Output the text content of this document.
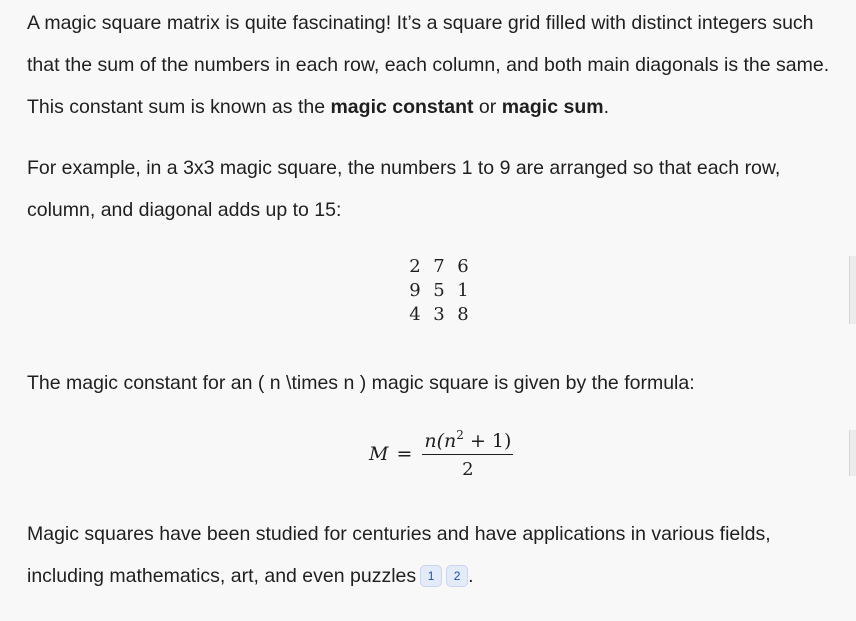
A magic square matrix is quite fascinating! It’s a square grid filled with distinct integers such that the sum of the numbers in each row, each column, and both main diagonals is the same. This constant sum is known as the magic constant or magic sum.

For example, in a 3x3 magic square, the numbers 1 to 9 are arranged so that each row, column, and diagonal adds up to 15:

2 7 6
9 5 1
4 3 8

The magic constant for an ( n \times n ) magic square is given by the formula:

$M = \frac{n(n^2 + 1)}{2}$

Magic squares have been studied for centuries and have applications in various fields, including mathematics, art, and even puzzles 1 2 .
